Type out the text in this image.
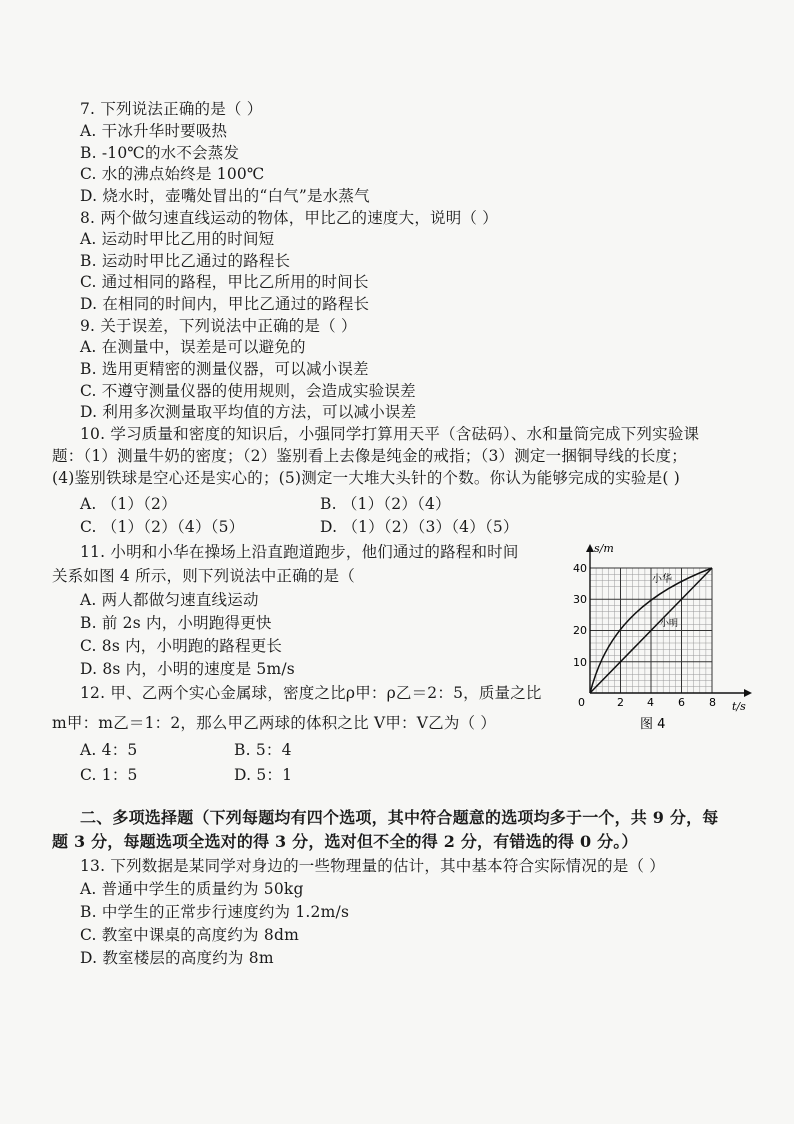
7. 下列说法正确的是（ ）
A. 干冰升华时要吸热
B. -10℃的水不会蒸发
C. 水的沸点始终是 100℃
D. 烧水时，壶嘴处冒出的“白气”是水蒸气
8. 两个做匀速直线运动的物体，甲比乙的速度大，说明（ ）
A. 运动时甲比乙用的时间短
B. 运动时甲比乙通过的路程长
C. 通过相同的路程，甲比乙所用的时间长
D. 在相同的时间内，甲比乙通过的路程长
9. 关于误差，下列说法中正确的是（ ）
A. 在测量中，误差是可以避免的
B. 选用更精密的测量仪器，可以减小误差
C. 不遵守测量仪器的使用规则，会造成实验误差
D. 利用多次测量取平均值的方法，可以减小误差
10. 学习质量和密度的知识后，小强同学打算用天平（含砝码）、水和量筒完成下列实验课
题：（1）测量牛奶的密度；（2）鉴别看上去像是纯金的戒指；（3）测定一捆铜导线的长度；
(4)鉴别铁球是空心还是实心的；(5)测定一大堆大头针的个数。你认为能够完成的实验是( )
A. （1）（2）	B. （1）（2）（4）
C. （1）（2）（4）（5）	D. （1）（2）（3）（4）（5）
11. 小明和小华在操场上沿直跑道跑步，他们通过的路程和时间
关系如图 4 所示，则下列说法中正确的是（
A. 两人都做匀速直线运动
B. 前 2s 内，小明跑得更快
C. 8s 内，小明跑的路程更长
D. 8s 内，小明的速度是 5m/s
12. 甲、乙两个实心金属球，密度之比ρ甲：ρ乙＝2：5，质量之比
m甲：m乙＝1：2，那么甲乙两球的体积之比 V甲：V乙为（ ）
A. 4：5	B. 5：4
C. 1：5	D. 5：1
二、多项选择题（下列每题均有四个选项，其中符合题意的选项均多于一个，共 9 分，每
题 3 分，每题选项全选对的得 3 分，选对但不全的得 2 分，有错选的得 0 分。）
13. 下列数据是某同学对身边的一些物理量的估计，其中基本符合实际情况的是（ ）
A. 普通中学生的质量约为 50kg
B. 中学生的正常步行速度约为 1.2m/s
C. 教室中课桌的高度约为 8dm
D. 教室楼层的高度约为 8m
s/m
t/s
40
30
20
10
0	2 4 6 8
小华
小明
图 4
